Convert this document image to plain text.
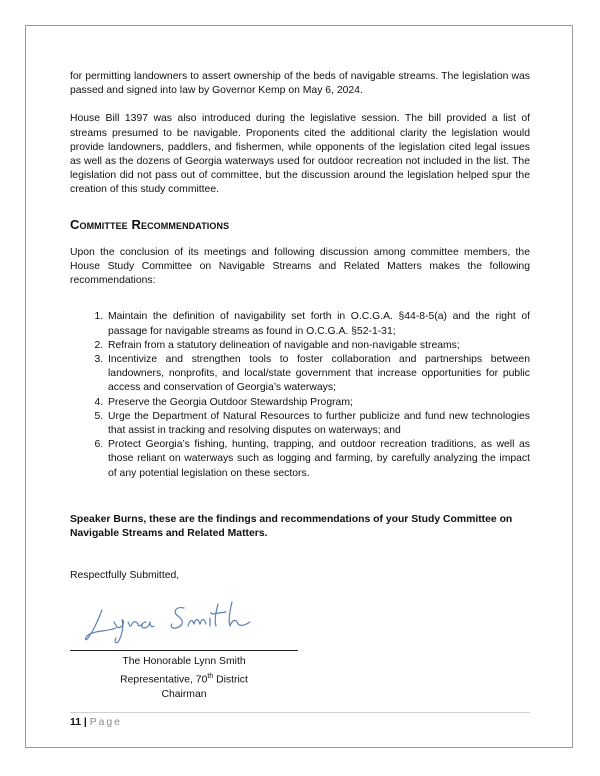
for permitting landowners to assert ownership of the beds of navigable streams. The legislation was passed and signed into law by Governor Kemp on May 6, 2024.

House Bill 1397 was also introduced during the legislative session. The bill provided a list of streams presumed to be navigable. Proponents cited the additional clarity the legislation would provide landowners, paddlers, and fishermen, while opponents of the legislation cited legal issues as well as the dozens of Georgia waterways used for outdoor recreation not included in the list. The legislation did not pass out of committee, but the discussion around the legislation helped spur the creation of this study committee.

Committee Recommendations

Upon the conclusion of its meetings and following discussion among committee members, the House Study Committee on Navigable Streams and Related Matters makes the following recommendations:

1. Maintain the definition of navigability set forth in O.C.G.A. §44-8-5(a) and the right of passage for navigable streams as found in O.C.G.A. §52-1-31;
2. Refrain from a statutory delineation of navigable and non-navigable streams;
3. Incentivize and strengthen tools to foster collaboration and partnerships between landowners, nonprofits, and local/state government that increase opportunities for public access and conservation of Georgia’s waterways;
4. Preserve the Georgia Outdoor Stewardship Program;
5. Urge the Department of Natural Resources to further publicize and fund new technologies that assist in tracking and resolving disputes on waterways; and
6. Protect Georgia’s fishing, hunting, trapping, and outdoor recreation traditions, as well as those reliant on waterways such as logging and farming, by carefully analyzing the impact of any potential legislation on these sectors.

Speaker Burns, these are the findings and recommendations of your Study Committee on Navigable Streams and Related Matters.

Respectfully Submitted,

The Honorable Lynn Smith
Representative, 70th District
Chairman
11 | Page
